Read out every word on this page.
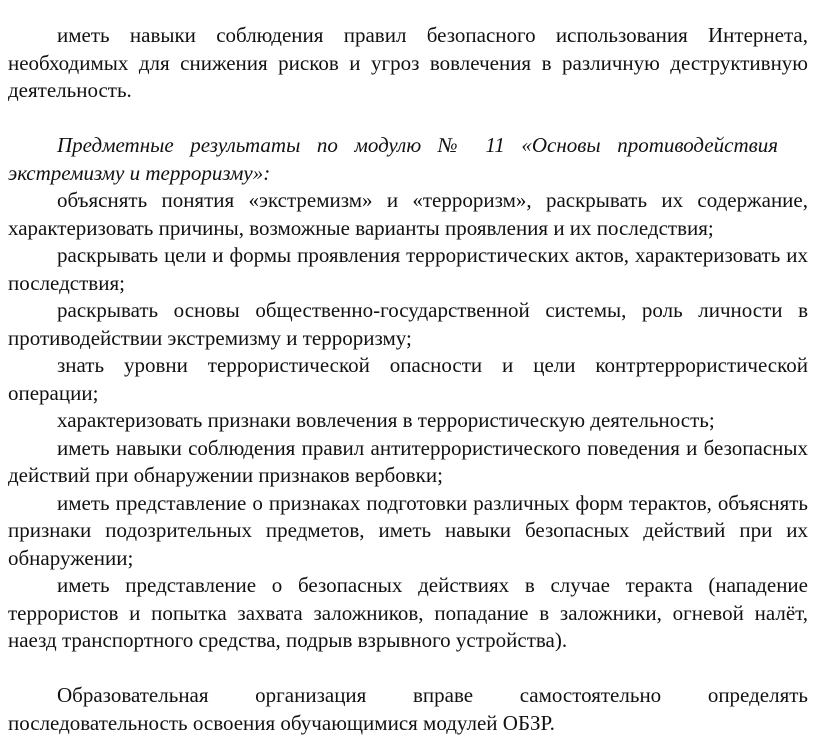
иметь навыки соблюдения правил безопасного использования Интернета, необходимых для снижения рисков и угроз вовлечения в различную деструктивную деятельность.

Предметные результаты по модулю № 11 «Основы противодействия экстремизму и терроризму»:

объяснять понятия «экстремизм» и «терроризм», раскрывать их содержание, характеризовать причины, возможные варианты проявления и их последствия;

раскрывать цели и формы проявления террористических актов, характеризовать их последствия;

раскрывать основы общественно-государственной системы, роль личности в противодействии экстремизму и терроризму;

знать уровни террористической опасности и цели контртеррористической операции;

характеризовать признаки вовлечения в террористическую деятельность;

иметь навыки соблюдения правил антитеррористического поведения и безопасных действий при обнаружении признаков вербовки;

иметь представление о признаках подготовки различных форм терактов, объяснять признаки подозрительных предметов, иметь навыки безопасных действий при их обнаружении;

иметь представление о безопасных действиях в случае теракта (нападение террористов и попытка захвата заложников, попадание в заложники, огневой налёт, наезд транспортного средства, подрыв взрывного устройства).

Образовательная организация вправе самостоятельно определять последовательность освоения обучающимися модулей ОБЗР.
